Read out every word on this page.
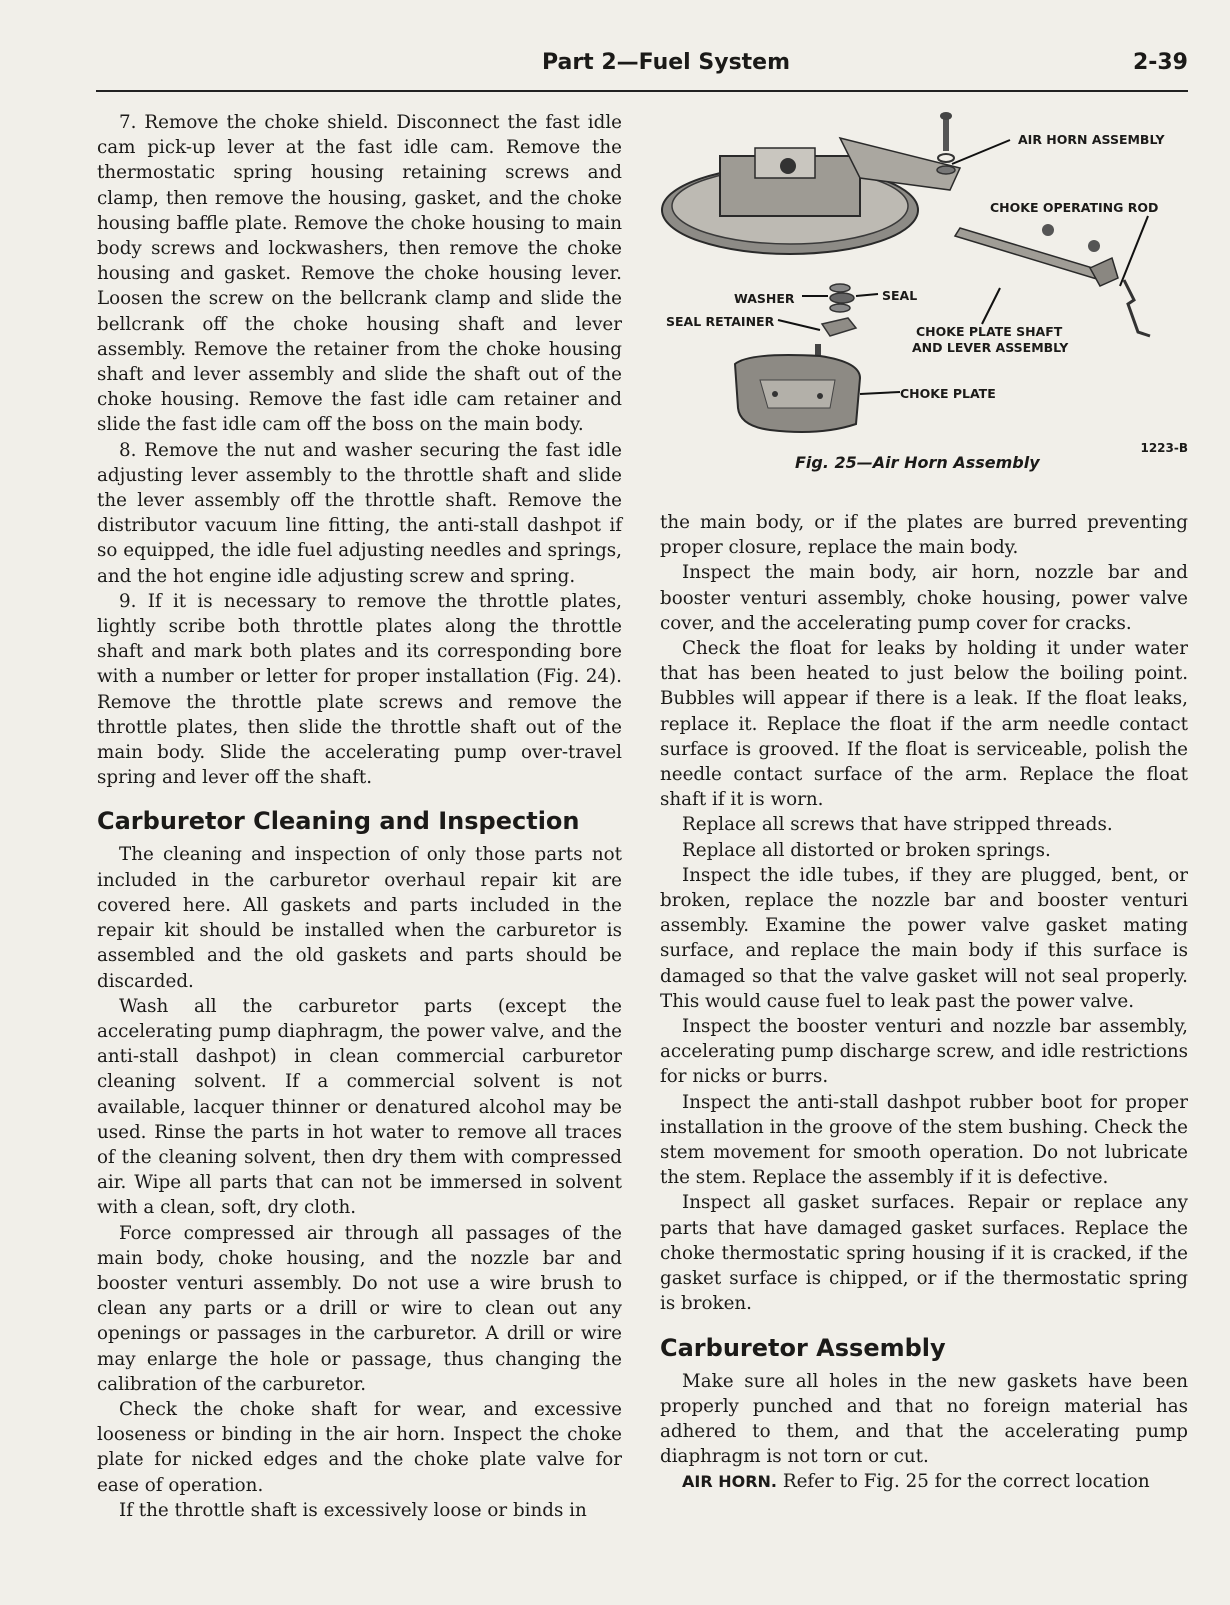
Part 2—Fuel System	2-39

7. Remove the choke shield. Disconnect the fast idle cam pick-up lever at the fast idle cam. Remove the thermostatic spring housing retaining screws and clamp, then remove the housing, gasket, and the choke housing baffle plate. Remove the choke housing to main body screws and lockwashers, then remove the choke housing and gasket. Remove the choke housing lever. Loosen the screw on the bellcrank clamp and slide the bellcrank off the choke housing shaft and lever assembly. Remove the retainer from the choke housing shaft and lever assembly and slide the shaft out of the choke housing. Remove the fast idle cam retainer and slide the fast idle cam off the boss on the main body.

8. Remove the nut and washer securing the fast idle adjusting lever assembly to the throttle shaft and slide the lever assembly off the throttle shaft. Remove the distributor vacuum line fitting, the anti-stall dashpot if so equipped, the idle fuel adjusting needles and springs, and the hot engine idle adjusting screw and spring.

9. If it is necessary to remove the throttle plates, lightly scribe both throttle plates along the throttle shaft and mark both plates and its corresponding bore with a number or letter for proper installation (Fig. 24). Remove the throttle plate screws and remove the throttle plates, then slide the throttle shaft out of the main body. Slide the accelerating pump over-travel spring and lever off the shaft.

Carburetor Cleaning and Inspection

The cleaning and inspection of only those parts not included in the carburetor overhaul repair kit are covered here. All gaskets and parts included in the repair kit should be installed when the carburetor is assembled and the old gaskets and parts should be discarded.

Wash all the carburetor parts (except the accelerating pump diaphragm, the power valve, and the anti-stall dashpot) in clean commercial carburetor cleaning solvent. If a commercial solvent is not available, lacquer thinner or denatured alcohol may be used. Rinse the parts in hot water to remove all traces of the cleaning solvent, then dry them with compressed air. Wipe all parts that can not be immersed in solvent with a clean, soft, dry cloth.

Force compressed air through all passages of the main body, choke housing, and the nozzle bar and booster venturi assembly. Do not use a wire brush to clean any parts or a drill or wire to clean out any openings or passages in the carburetor. A drill or wire may enlarge the hole or passage, thus changing the calibration of the carburetor.

Check the choke shaft for wear, and excessive looseness or binding in the air horn. Inspect the choke plate for nicked edges and the choke plate valve for ease of operation.

If the throttle shaft is excessively loose or binds in

AIR HORN ASSEMBLY
CHOKE OPERATING ROD
WASHER	SEAL
SEAL RETAINER
CHOKE PLATE SHAFT
AND LEVER ASSEMBLY
CHOKE PLATE
Fig. 25—Air Horn Assembly
1223-B

the main body, or if the plates are burred preventing proper closure, replace the main body.

Inspect the main body, air horn, nozzle bar and booster venturi assembly, choke housing, power valve cover, and the accelerating pump cover for cracks.

Check the float for leaks by holding it under water that has been heated to just below the boiling point. Bubbles will appear if there is a leak. If the float leaks, replace it. Replace the float if the arm needle contact surface is grooved. If the float is serviceable, polish the needle contact surface of the arm. Replace the float shaft if it is worn.

Replace all screws that have stripped threads.

Replace all distorted or broken springs.

Inspect the idle tubes, if they are plugged, bent, or broken, replace the nozzle bar and booster venturi assembly. Examine the power valve gasket mating surface, and replace the main body if this surface is damaged so that the valve gasket will not seal properly. This would cause fuel to leak past the power valve.

Inspect the booster venturi and nozzle bar assembly, accelerating pump discharge screw, and idle restrictions for nicks or burrs.

Inspect the anti-stall dashpot rubber boot for proper installation in the groove of the stem bushing. Check the stem movement for smooth operation. Do not lubricate the stem. Replace the assembly if it is defective.

Inspect all gasket surfaces. Repair or replace any parts that have damaged gasket surfaces. Replace the choke thermostatic spring housing if it is cracked, if the gasket surface is chipped, or if the thermostatic spring is broken.

Carburetor Assembly

Make sure all holes in the new gaskets have been properly punched and that no foreign material has adhered to them, and that the accelerating pump diaphragm is not torn or cut.

AIR HORN. Refer to Fig. 25 for the correct location
